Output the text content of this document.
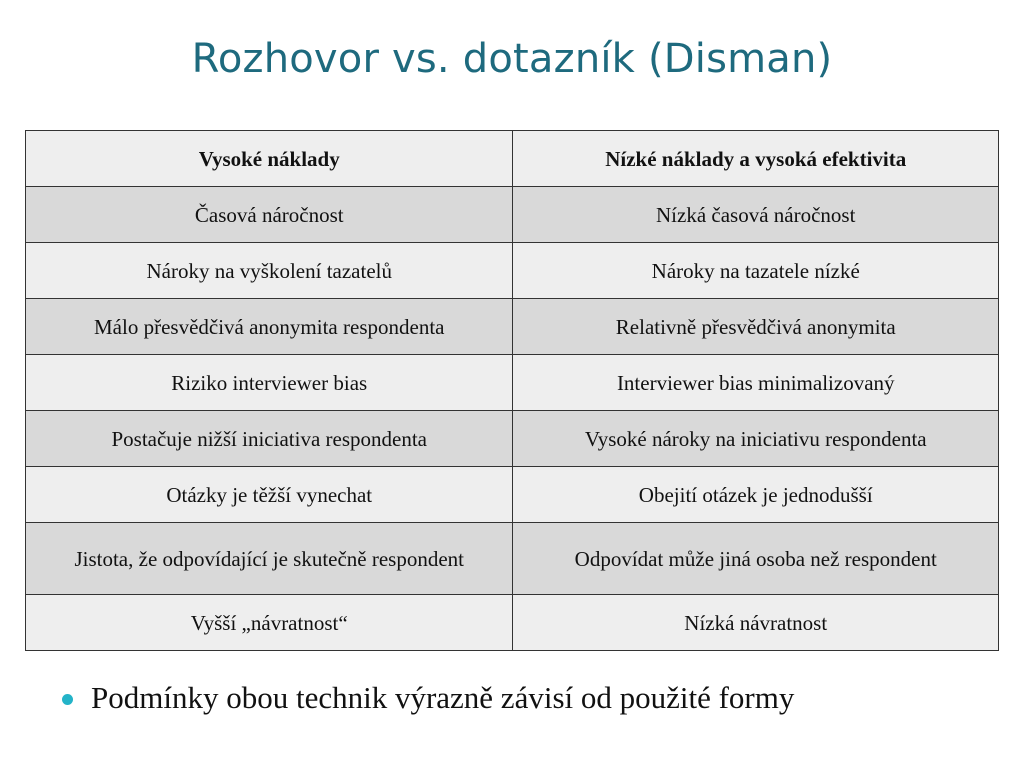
Rozhovor vs. dotazník (Disman)
Vysoké náklady	Nízké náklady a vysoká efektivita
Časová náročnost	Nízká časová náročnost
Nároky na vyškolení tazatelů	Nároky na tazatele nízké
Málo přesvědčivá anonymita respondenta	Relativně přesvědčivá anonymita
Riziko interviewer bias	Interviewer bias minimalizovaný
Postačuje nižší iniciativa respondenta	Vysoké nároky na iniciativu respondenta
Otázky je těžší vynechat	Obejití otázek je jednodušší
Jistota, že odpovídající je skutečně respondent	Odpovídat může jiná osoba než respondent
Vyšší „návratnost“	Nízká návratnost
Podmínky obou technik výrazně závisí od použité formy
